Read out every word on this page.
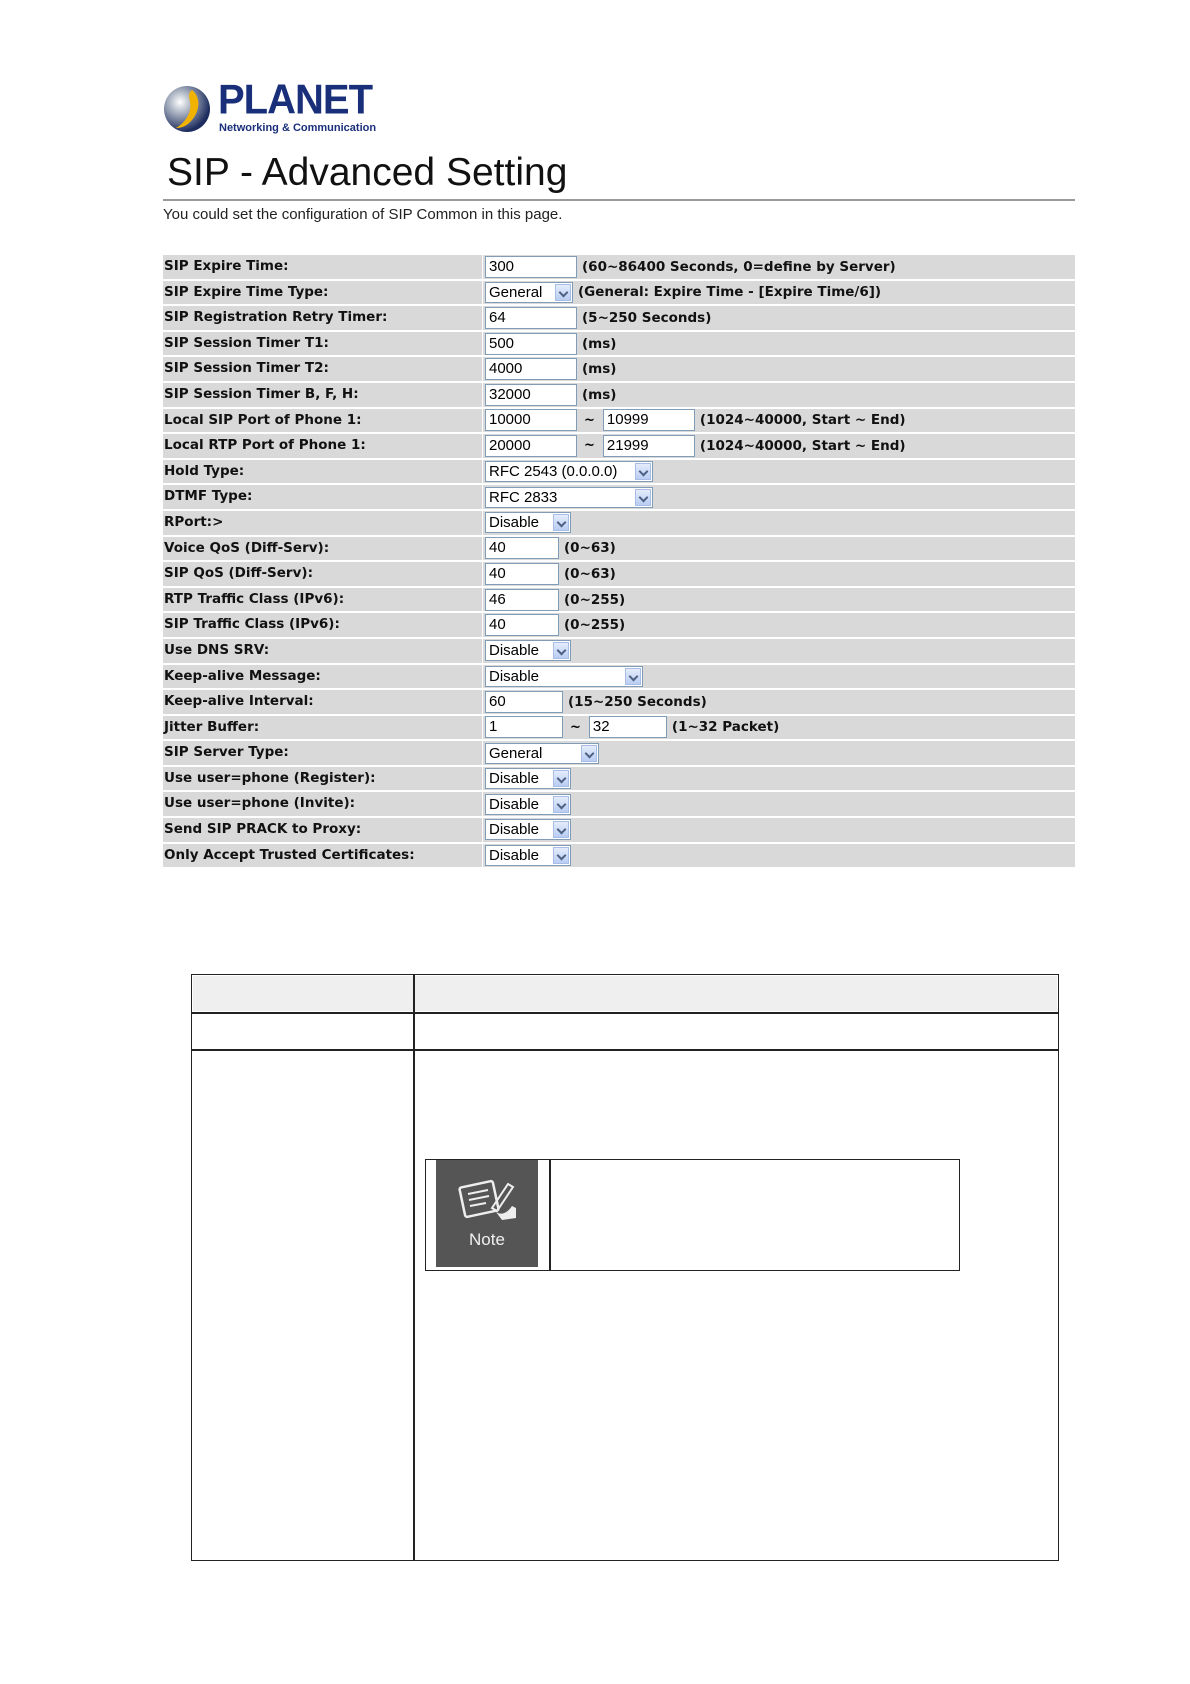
PLANET
Networking & Communication
SIP - Advanced Setting
You could set the configuration of SIP Common in this page.
SIP Expire Time:	300	(60~86400 Seconds, 0=define by Server)
SIP Expire Time Type:	General	(General: Expire Time - [Expire Time/6])
SIP Registration Retry Timer:	64	(5~250 Seconds)
SIP Session Timer T1:	500	(ms)
SIP Session Timer T2:	4000	(ms)
SIP Session Timer B, F, H:	32000	(ms)
Local SIP Port of Phone 1:	10000	~ 10999	(1024~40000, Start ~ End)
Local RTP Port of Phone 1:	20000	~ 21999	(1024~40000, Start ~ End)
Hold Type:	RFC 2543 (0.0.0.0)
DTMF Type:	RFC 2833
RPort:>	Disable
Voice QoS (Diff-Serv):	40	(0~63)
SIP QoS (Diff-Serv):	40	(0~63)
RTP Traffic Class (IPv6):	46	(0~255)
SIP Traffic Class (IPv6):	40	(0~255)
Use DNS SRV:	Disable
Keep-alive Message:	Disable
Keep-alive Interval:	60	(15~250 Seconds)
Jitter Buffer:	1	~ 32	(1~32 Packet)
SIP Server Type:	General
Use user=phone (Register):	Disable
Use user=phone (Invite):	Disable
Send SIP PRACK to Proxy:	Disable
Only Accept Trusted Certificates:	Disable
Note
